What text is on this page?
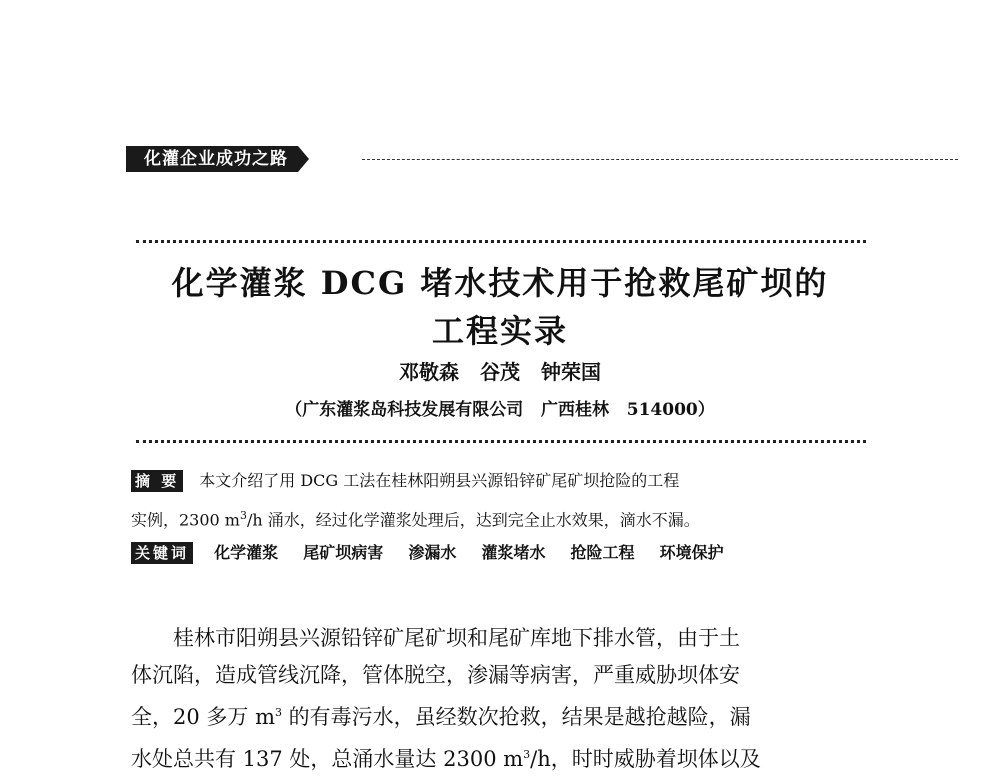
化灌企业成功之路
化学灌浆 DCG 堵水技术用于抢救尾矿坝的
工程实录
邓敬森 谷茂 钟荣国
（广东灌浆岛科技发展有限公司   广西桂林   514000）
摘 要 本文介绍了用 DCG 工法在桂林阳朔县兴源铅锌矿尾矿坝抢险的工程
实例，2300 $m^3/h$ 涌水，经过化学灌浆处理后，达到完全止水效果，滴水不漏。
关键词 化学灌浆 尾矿坝病害 渗漏水 灌浆堵水 抢险工程 环境保护

桂林市阳朔县兴源铅锌矿尾矿坝和尾矿库地下排水管，由于土
体沉陷，造成管线沉降，管体脱空，渗漏等病害，严重威胁坝体安
全，20 多万 $m^3$ 的有毒污水，虽经数次抢救，结果是越抢越险，漏
水处总共有 137 处，总涌水量达 2300 $m^3/h$，时时威胁着坝体以及
